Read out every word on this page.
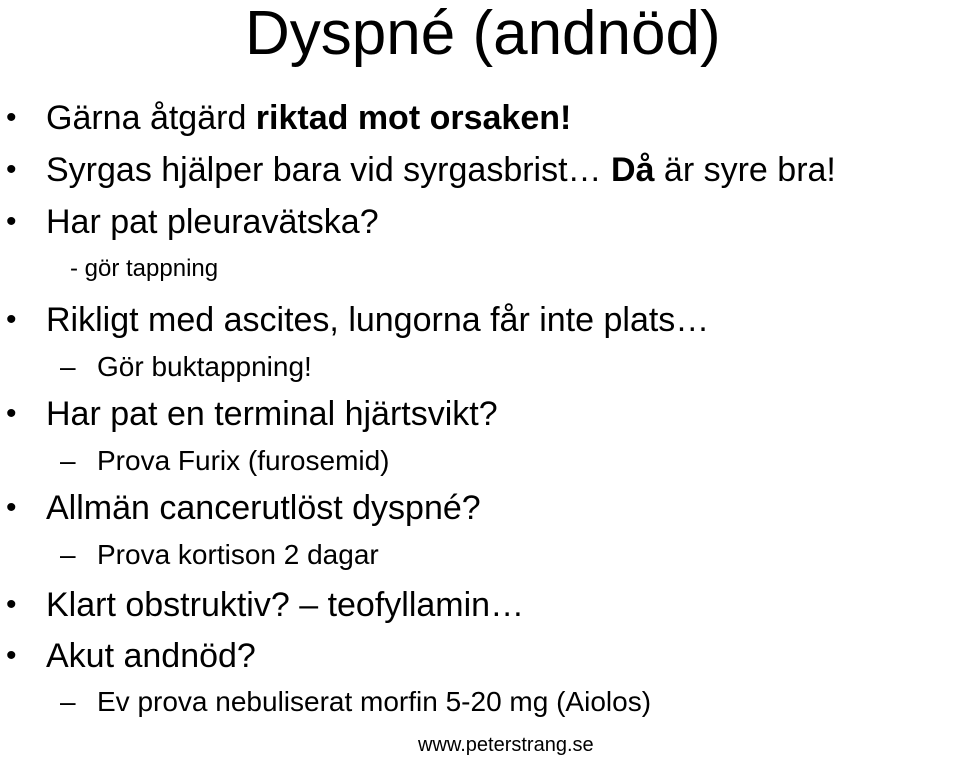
Dyspné (andnöd)
• Gärna åtgärd riktad mot orsaken!
• Syrgas hjälper bara vid syrgasbrist… Då är syre bra!
• Har pat pleuravätska?
- gör tappning
• Rikligt med ascites, lungorna får inte plats…
– Gör buktappning!
• Har pat en terminal hjärtsvikt?
– Prova Furix (furosemid)
• Allmän cancerutlöst dyspné?
– Prova kortison 2 dagar
• Klart obstruktiv? – teofyllamin…
• Akut andnöd?
– Ev prova nebuliserat morfin 5-20 mg (Aiolos)
www.peterstrang.se
